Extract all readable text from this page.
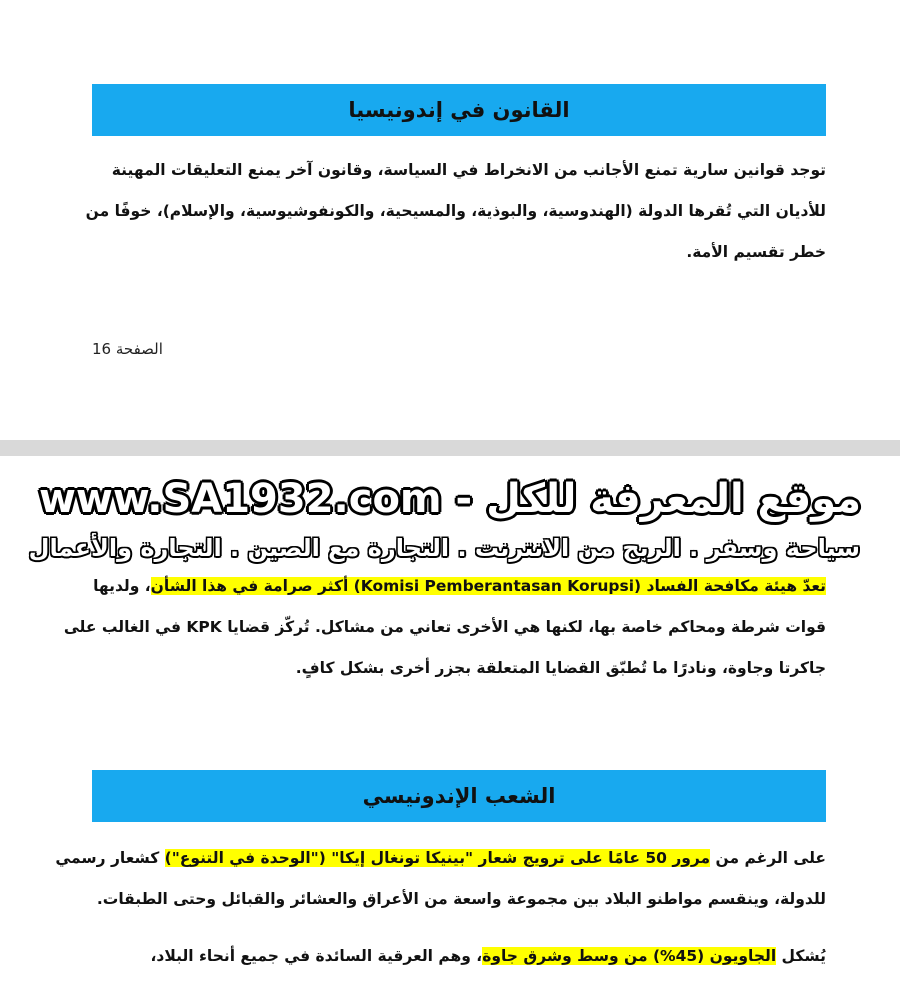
القانون في إندونيسيا
توجد قوانين سارية تمنع الأجانب من الانخراط في السياسة، وقانون آخر يمنع التعليقات المهينة
للأديان التي تُقرها الدولة (الهندوسية، والبوذية، والمسيحية، والكونفوشيوسية، والإسلام)، خوفًا من
خطر تقسيم الأمة.
الصفحة 16
تعدّ هيئة مكافحة الفساد (Komisi Pemberantasan Korupsi) أكثر صرامة في هذا الشأن، ولديها
قوات شرطة ومحاكم خاصة بها، لكنها هي الأخرى تعاني من مشاكل. تُركّز قضايا KPK في الغالب على
جاكرتا وجاوة، ونادرًا ما تُطبّق القضايا المتعلقة بجزر أخرى بشكل كافٍ.
الشعب الإندونيسي
على الرغم من مرور 50 عامًا على ترويج شعار "بينيكا تونغال إيكا" ("الوحدة في التنوع") كشعار رسمي
للدولة، وينقسم مواطنو البلاد بين مجموعة واسعة من الأعراق والعشائر والقبائل وحتى الطبقات.
يُشكل الجاويون (45%) من وسط وشرق جاوة، وهم العرقية السائدة في جميع أنحاء البلاد،
موقع المعرفة للكل - www.SA1932.com
سياحة وسفر . الربح من الانترنت . التجارة مع الصين . التجارة والأعمال
